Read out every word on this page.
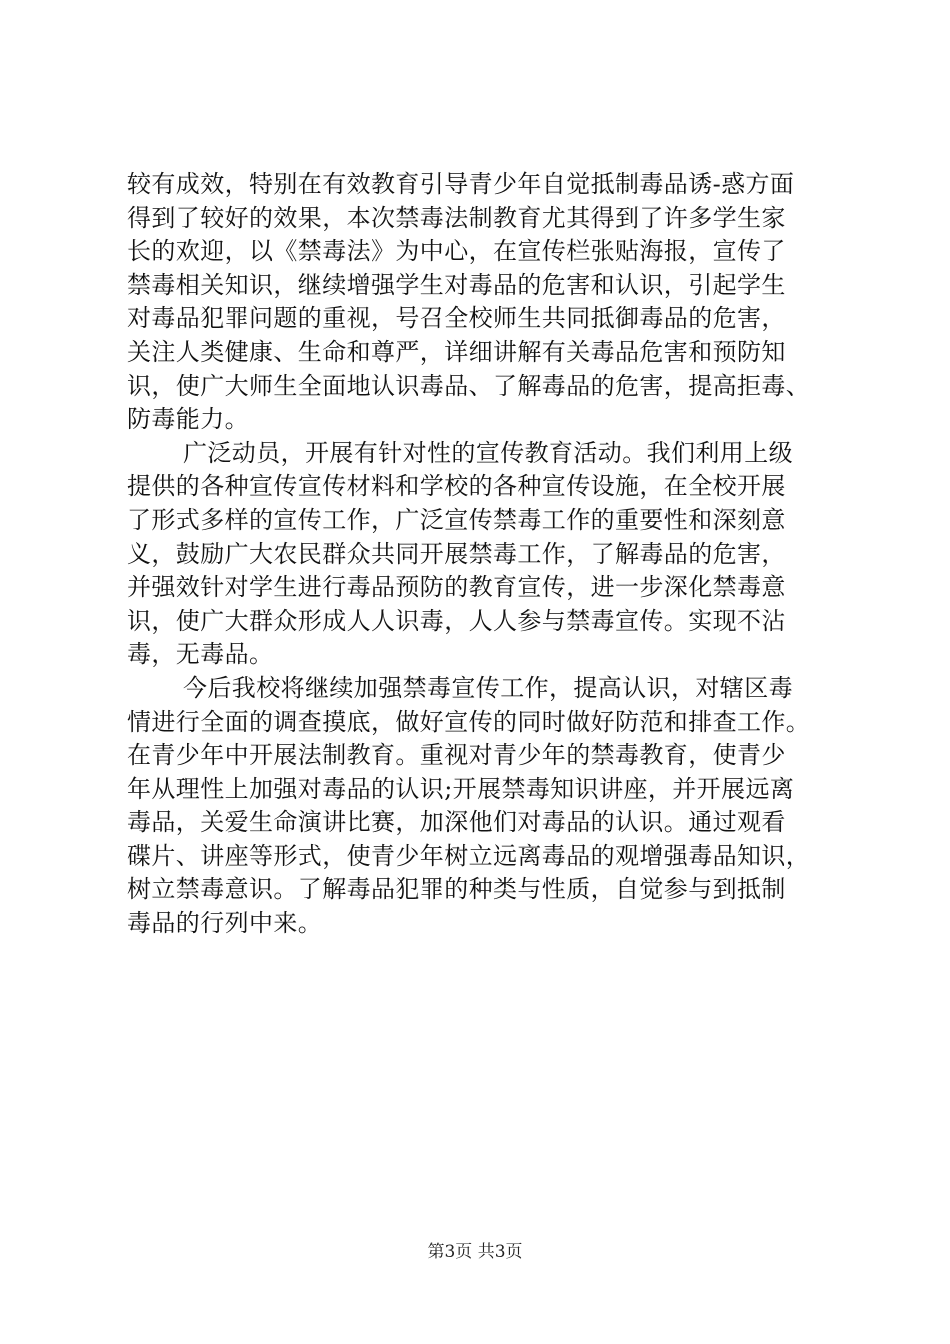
较有成效，特别在有效教育引导青少年自觉抵制毒品诱-惑方面
得到了较好的效果，本次禁毒法制教育尤其得到了许多学生家
长的欢迎，以《禁毒法》为中心，在宣传栏张贴海报，宣传了
禁毒相关知识，继续增强学生对毒品的危害和认识，引起学生
对毒品犯罪问题的重视，号召全校师生共同抵御毒品的危害，
关注人类健康、生命和尊严，详细讲解有关毒品危害和预防知
识，使广大师生全面地认识毒品、了解毒品的危害，提高拒毒、
防毒能力。
广泛动员，开展有针对性的宣传教育活动。我们利用上级
提供的各种宣传宣传材料和学校的各种宣传设施，在全校开展
了形式多样的宣传工作，广泛宣传禁毒工作的重要性和深刻意
义，鼓励广大农民群众共同开展禁毒工作，了解毒品的危害，
并强效针对学生进行毒品预防的教育宣传，进一步深化禁毒意
识，使广大群众形成人人识毒，人人参与禁毒宣传。实现不沾
毒，无毒品。
今后我校将继续加强禁毒宣传工作，提高认识，对辖区毒
情进行全面的调查摸底，做好宣传的同时做好防范和排查工作。
在青少年中开展法制教育。重视对青少年的禁毒教育，使青少
年从理性上加强对毒品的认识;开展禁毒知识讲座，并开展远离
毒品，关爱生命演讲比赛，加深他们对毒品的认识。通过观看
碟片、讲座等形式，使青少年树立远离毒品的观增强毒品知识，
树立禁毒意识。了解毒品犯罪的种类与性质，自觉参与到抵制
毒品的行列中来。
第3页 共3页
